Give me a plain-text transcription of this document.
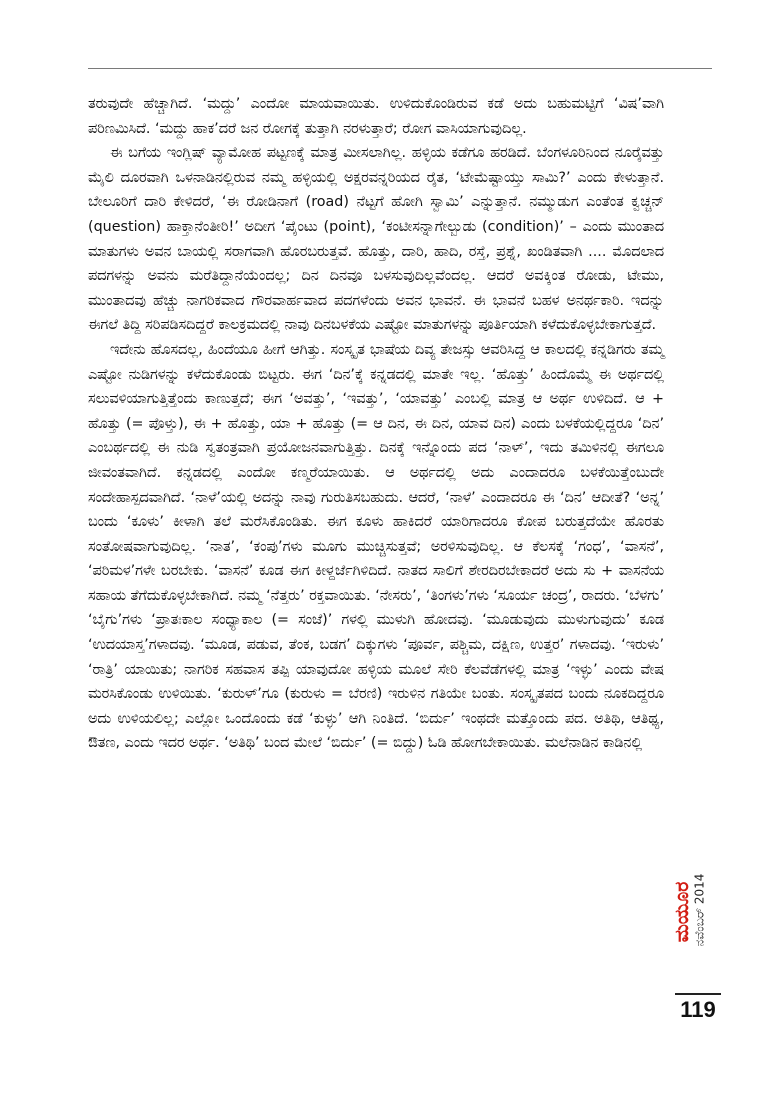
ತರುವುದೇ ಹೆಚ್ಚಾಗಿದೆ. ‘ಮದ್ದು’ ಎಂದೋ ಮಾಯವಾಯಿತು. ಉಳಿದುಕೊಂಡಿರುವ ಕಡೆ ಅದು ಬಹುಮಟ್ಟಿಗೆ ‘ವಿಷ’ವಾಗಿ ಪರಿಣಮಿಸಿದೆ. ‘ಮದ್ದು ಹಾಕ’ದರೆ ಜನ ರೋಗಕ್ಕೆ ತುತ್ತಾಗಿ ನರಳುತ್ತಾರೆ; ರೋಗ ವಾಸಿಯಾಗುವುದಿಲ್ಲ.

ಈ ಬಗೆಯ ಇಂಗ್ಲಿಷ್ ವ್ಯಾಮೋಹ ಪಟ್ಟಣಕ್ಕೆ ಮಾತ್ರ ಮೀಸಲಾಗಿಲ್ಲ. ಹಳ್ಳಿಯ ಕಡೆಗೂ ಹರಡಿದೆ. ಬೆಂಗಳೂರಿನಿಂದ ನೂರೈವತ್ತು ಮೈಲಿ ದೂರವಾಗಿ ಒಳನಾಡಿನಲ್ಲಿರುವ ನಮ್ಮ ಹಳ್ಳಿಯಲ್ಲಿ ಅಕ್ಷರವನ್ನರಿಯದ ರೈತ, ‘ಟೇಮೆಷ್ಟಾಯ್ತು ಸಾಮಿ?’ ಎಂದು ಕೇಳುತ್ತಾನೆ. ಬೇಲೂರಿಗೆ ದಾರಿ ಕೇಳಿದರೆ, ‘ಈ ರೋಡಿನಾಗೆ (road) ನೆಟ್ಟಗೆ ಹೋಗಿ ಸ್ವಾಮಿ’ ಎನ್ನುತ್ತಾನೆ. ನಮ್ಮುಡುಗ ಎಂತೆಂತ ಕ್ವಚ್ಚನ್ (question) ಹಾಕ್ತಾನೆಂತೀರಿ!’ ಅದೀಗ ‘ಪೈಂಟು (point), ‘ಕಂಟೀಸನ್ನಾಗೇಲ್ಬುಡು (condition)’ – ಎಂದು ಮುಂತಾದ ಮಾತುಗಳು ಅವನ ಬಾಯಲ್ಲಿ ಸರಾಗವಾಗಿ ಹೊರಬರುತ್ತವೆ. ಹೊತ್ತು, ದಾರಿ, ಹಾದಿ, ರಸ್ತೆ, ಪ್ರಶ್ನೆ, ಖಂಡಿತವಾಗಿ .... ಮೊದಲಾದ ಪದಗಳನ್ನು ಅವನು ಮರೆತಿದ್ದಾನೆಯೆಂದಲ್ಲ; ದಿನ ದಿನವೂ ಬಳಸುವುದಿಲ್ಲವೆಂದಲ್ಲ. ಆದರೆ ಅವಕ್ಕಿಂತ ರೋಡು, ಟೇಮು, ಮುಂತಾದವು ಹೆಚ್ಚು ನಾಗರಿಕವಾದ ಗೌರವಾರ್ಹವಾದ ಪದಗಳೆಂದು ಅವನ ಭಾವನೆ. ಈ ಭಾವನೆ ಬಹಳ ಅನರ್ಥಕಾರಿ. ಇದನ್ನು ಈಗಲೆ ತಿದ್ದಿ ಸರಿಪಡಿಸದಿದ್ದರೆ ಕಾಲಕ್ರಮದಲ್ಲಿ ನಾವು ದಿನಬಳಕೆಯ ಎಷ್ಟೋ ಮಾತುಗಳನ್ನು ಪೂರ್ತಿಯಾಗಿ ಕಳೆದುಕೊಳ್ಳಬೇಕಾಗುತ್ತದೆ.

ಇದೇನು ಹೊಸದಲ್ಲ, ಹಿಂದೆಯೂ ಹೀಗೆ ಆಗಿತ್ತು. ಸಂಸ್ಕೃತ ಭಾಷೆಯ ದಿವ್ಯ ತೇಜಸ್ಸು ಆವರಿಸಿದ್ದ ಆ ಕಾಲದಲ್ಲಿ ಕನ್ನಡಿಗರು ತಮ್ಮ ಎಷ್ಟೋ ನುಡಿಗಳನ್ನು ಕಳೆದುಕೊಂಡು ಬಿಟ್ಟರು. ಈಗ ‘ದಿನ’ಕ್ಕೆ ಕನ್ನಡದಲ್ಲಿ ಮಾತೇ ಇಲ್ಲ. ‘ಹೊತ್ತು’ ಹಿಂದೊಮ್ಮೆ ಈ ಅರ್ಥದಲ್ಲಿ ಸಲುವಳಿಯಾಗುತ್ತಿತ್ತೆಂದು ಕಾಣುತ್ತದೆ; ಈಗ ‘ಅವತ್ತು’, ‘ಇವತ್ತು’, ‘ಯಾವತ್ತು’ ಎಂಬಲ್ಲಿ ಮಾತ್ರ ಆ ಅರ್ಥ ಉಳಿದಿದೆ. ಆ + ಹೊತ್ತು (= ಪೊಳ್ತು), ಈ + ಹೊತ್ತು, ಯಾ + ಹೊತ್ತು (= ಆ ದಿನ, ಈ ದಿನ, ಯಾವ ದಿನ) ಎಂದು ಬಳಕೆಯಲ್ಲಿದ್ದರೂ ‘ದಿನ’ ಎಂಬರ್ಥದಲ್ಲಿ ಈ ನುಡಿ ಸ್ವತಂತ್ರವಾಗಿ ಪ್ರಯೋಜನವಾಗುತ್ತಿತ್ತು. ದಿನಕ್ಕೆ ಇನ್ನೊಂದು ಪದ ‘ನಾಳ್’, ಇದು ತಮಿಳಿನಲ್ಲಿ ಈಗಲೂ ಜೀವಂತವಾಗಿದೆ. ಕನ್ನಡದಲ್ಲಿ ಎಂದೋ ಕಣ್ಮರೆಯಾಯಿತು. ಆ ಅರ್ಥದಲ್ಲಿ ಅದು ಎಂದಾದರೂ ಬಳಕೆಯಿತ್ತೆಂಬುದೇ ಸಂದೇಹಾಸ್ಪದವಾಗಿದೆ. ‘ನಾಳೆ’ಯಲ್ಲಿ ಅದನ್ನು ನಾವು ಗುರುತಿಸಬಹುದು. ಆದರೆ, ‘ನಾಳೆ’ ಎಂದಾದರೂ ಈ ‘ದಿನ’ ಆದೀತೆ? ‘ಅನ್ನ’ ಬಂದು ‘ಕೂಳು’ ಕೀಳಾಗಿ ತಲೆ ಮರೆಸಿಕೊಂಡಿತು. ಈಗ ಕೂಳು ಹಾಕಿದರೆ ಯಾರಿಗಾದರೂ ಕೋಪ ಬರುತ್ತದೆಯೇ ಹೊರತು ಸಂತೋಷವಾಗುವುದಿಲ್ಲ. ‘ನಾತ’, ‘ಕಂಪು’ಗಳು ಮೂಗು ಮುಚ್ಚಿಸುತ್ತವೆ; ಅರಳಿಸುವುದಿಲ್ಲ. ಆ ಕೆಲಸಕ್ಕೆ ‘ಗಂಧ’, ‘ವಾಸನೆ’, ‘ಪರಿಮಳ’ಗಳೇ ಬರಬೇಕು. ‘ವಾಸನೆ’ ಕೂಡ ಈಗ ಕೀಳ್ದರ್ಜೆಗಿಳಿದಿದೆ. ನಾತದ ಸಾಲಿಗೆ ಶೇರದಿರಬೇಕಾದರೆ ಅದು ಸು + ವಾಸನೆಯ ಸಹಾಯ ತೆಗೆದುಕೊಳ್ಳಬೇಕಾಗಿದೆ. ನಮ್ಮ ‘ನೆತ್ತರು’ ರಕ್ತವಾಯಿತು. ‘ನೇಸರು’, ‘ತಿಂಗಳು’ಗಳು ‘ಸೂರ್ಯ ಚಂದ್ರ’, ರಾದರು. ‘ಬೆಳಗು’ ‘ಬೈಗು’ಗಳು ‘ಪ್ರಾತಃಕಾಲ ಸಂಧ್ಯಾಕಾಲ (= ಸಂಜೆ)’ ಗಳಲ್ಲಿ ಮುಳುಗಿ ಹೋದವು. ‘ಮೂಡುವುದು ಮುಳುಗುವುದು’ ಕೂಡ ‘ಉದಯಾಸ್ತ’ಗಳಾದವು. ‘ಮೂಡ, ಪಡುವ, ತೆಂಕ, ಬಡಗ’ ದಿಕ್ಕುಗಳು ‘ಪೂರ್ವ, ಪಶ್ಚಿಮ, ದಕ್ಷಿಣ, ಉತ್ತರ’ ಗಳಾದವು. ‘ಇರುಳು’ ‘ರಾತ್ರಿ’ ಯಾಯಿತು; ನಾಗರಿಕ ಸಹವಾಸ ತಪ್ಪಿ ಯಾವುದೋ ಹಳ್ಳಿಯ ಮೂಲೆ ಸೇರಿ ಕೆಲವೆಡೆಗಳಲ್ಲಿ ಮಾತ್ರ ‘ಇಳ್ಳು’ ಎಂದು ವೇಷ ಮರಸಿಕೊಂಡು ಉಳಿಯಿತು. ‘ಕುರುಳ್’ಗೂ (ಕುರುಳು = ಬೆರಣಿ) ಇರುಳಿನ ಗತಿಯೇ ಬಂತು. ಸಂಸ್ಕೃತಪದ ಬಂದು ನೂಕದಿದ್ದರೂ ಅದು ಉಳಿಯಲಿಲ್ಲ; ಎಲ್ಲೋ ಒಂದೊಂದು ಕಡೆ ‘ಕುಳ್ಳು’ ಆಗಿ ನಿಂತಿದೆ. ‘ಬಿರ್ದು’ ಇಂಥದೇ ಮತ್ತೊಂದು ಪದ. ಅತಿಥಿ, ಆತಿಥ್ಯ, ಔತಣ, ಎಂದು ಇದರ ಅರ್ಥ. ‘ಅತಿಥಿ’ ಬಂದ ಮೇಲೆ ‘ಬಿರ್ದು’ (= ಬಿದ್ದು) ಓಡಿ ಹೋಗಬೇಕಾಯಿತು. ಮಲೆನಾಡಿನ ಕಾಡಿನಲ್ಲಿ

ನವೆಂಬರ್ 2014
ಮಯೂರ
119
